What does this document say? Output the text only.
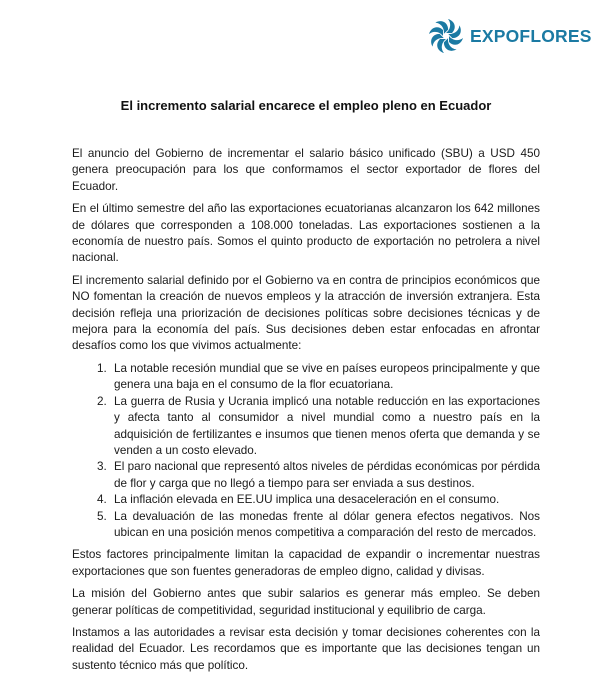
EXPOFLORES
El incremento salarial encarece el empleo pleno en Ecuador

El anuncio del Gobierno de incrementar el salario básico unificado (SBU) a USD 450 genera preocupación para los que conformamos el sector exportador de flores del Ecuador.

En el último semestre del año las exportaciones ecuatorianas alcanzaron los 642 millones de dólares que corresponden a 108.000 toneladas. Las exportaciones sostienen a la economía de nuestro país. Somos el quinto producto de exportación no petrolera a nivel nacional.

El incremento salarial definido por el Gobierno va en contra de principios económicos que NO fomentan la creación de nuevos empleos y la atracción de inversión extranjera. Esta decisión refleja una priorización de decisiones políticas sobre decisiones técnicas y de mejora para la economía del país. Sus decisiones deben estar enfocadas en afrontar desafíos como los que vivimos actualmente:

1. La notable recesión mundial que se vive en países europeos principalmente y que genera una baja en el consumo de la flor ecuatoriana.
2. La guerra de Rusia y Ucrania implicó una notable reducción en las exportaciones y afecta tanto al consumidor a nivel mundial como a nuestro país en la adquisición de fertilizantes e insumos que tienen menos oferta que demanda y se venden a un costo elevado.
3. El paro nacional que representó altos niveles de pérdidas económicas por pérdida de flor y carga que no llegó a tiempo para ser enviada a sus destinos.
4. La inflación elevada en EE.UU implica una desaceleración en el consumo.
5. La devaluación de las monedas frente al dólar genera efectos negativos. Nos ubican en una posición menos competitiva a comparación del resto de mercados.

Estos factores principalmente limitan la capacidad de expandir o incrementar nuestras exportaciones que son fuentes generadoras de empleo digno, calidad y divisas.

La misión del Gobierno antes que subir salarios es generar más empleo. Se deben generar políticas de competitividad, seguridad institucional y equilibrio de carga.

Instamos a las autoridades a revisar esta decisión y tomar decisiones coherentes con la realidad del Ecuador. Les recordamos que es importante que las decisiones tengan un sustento técnico más que político.
